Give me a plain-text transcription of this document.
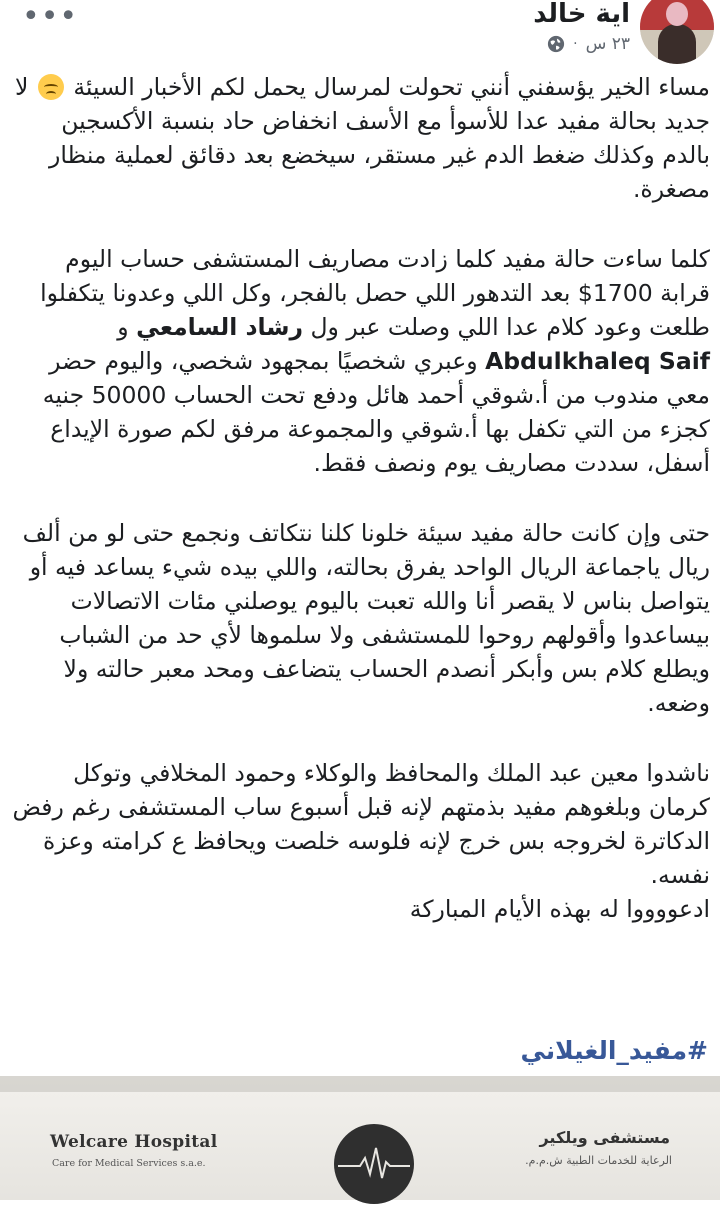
•••	اية خالد
٢٣ س
·

مساء الخير يؤسفني أنني تحولت لمرسال يحمل لكم الأخبار السيئة  لا جديد بحالة مفيد عدا للأسوأ مع الأسف انخفاض حاد بنسبة الأكسجين بالدم وكذلك ضغط الدم غير مستقر، سيخضع بعد دقائق لعملية منظار مصغرة.

كلما ساءت حالة مفيد كلما زادت مصاريف المستشفى حساب اليوم قرابة 1700$ بعد التدهور اللي حصل بالفجر، وكل اللي وعدونا يتكفلوا طلعت وعود كلام عدا اللي وصلت عبر ول رشاد السامعي و Abdulkhaleq Saif وعبري شخصيًا بمجهود شخصي، واليوم حضر معي مندوب من أ.شوقي أحمد هائل ودفع تحت الحساب 50000 جنيه كجزء من التي تكفل بها أ.شوقي والمجموعة مرفق لكم صورة الإيداع أسفل، سددت مصاريف يوم ونصف فقط.

حتى وإن كانت حالة مفيد سيئة خلونا كلنا نتكاتف ونجمع حتى لو من ألف ريال ياجماعة الريال الواحد يفرق بحالته، واللي بيده شيء يساعد فيه أو يتواصل بناس لا يقصر أنا والله تعبت باليوم يوصلني مئات الاتصالات بيساعدوا وأقولهم روحوا للمستشفى ولا سلموها لأي حد من الشباب ويطلع كلام بس وأبكر أنصدم الحساب يتضاعف ومحد معبر حالته ولا وضعه.

ناشدوا معين عبد الملك والمحافظ والوكلاء وحمود المخلافي وتوكل كرمان وبلغوهم مفيد بذمتهم لإنه قبل أسبوع ساب المستشفى رغم رفض الدكاترة لخروجه بس خرج لإنه فلوسه خلصت ويحافظ ع كرامته وعزة نفسه.

ادعووووا له بهذه الأيام المباركة

#مفيد_الغيلاني
Welcare Hospital
Care for Medical Services s.a.e.
مستشفى ويلكير
الرعاية للخدمات الطبية ش.م.م.
